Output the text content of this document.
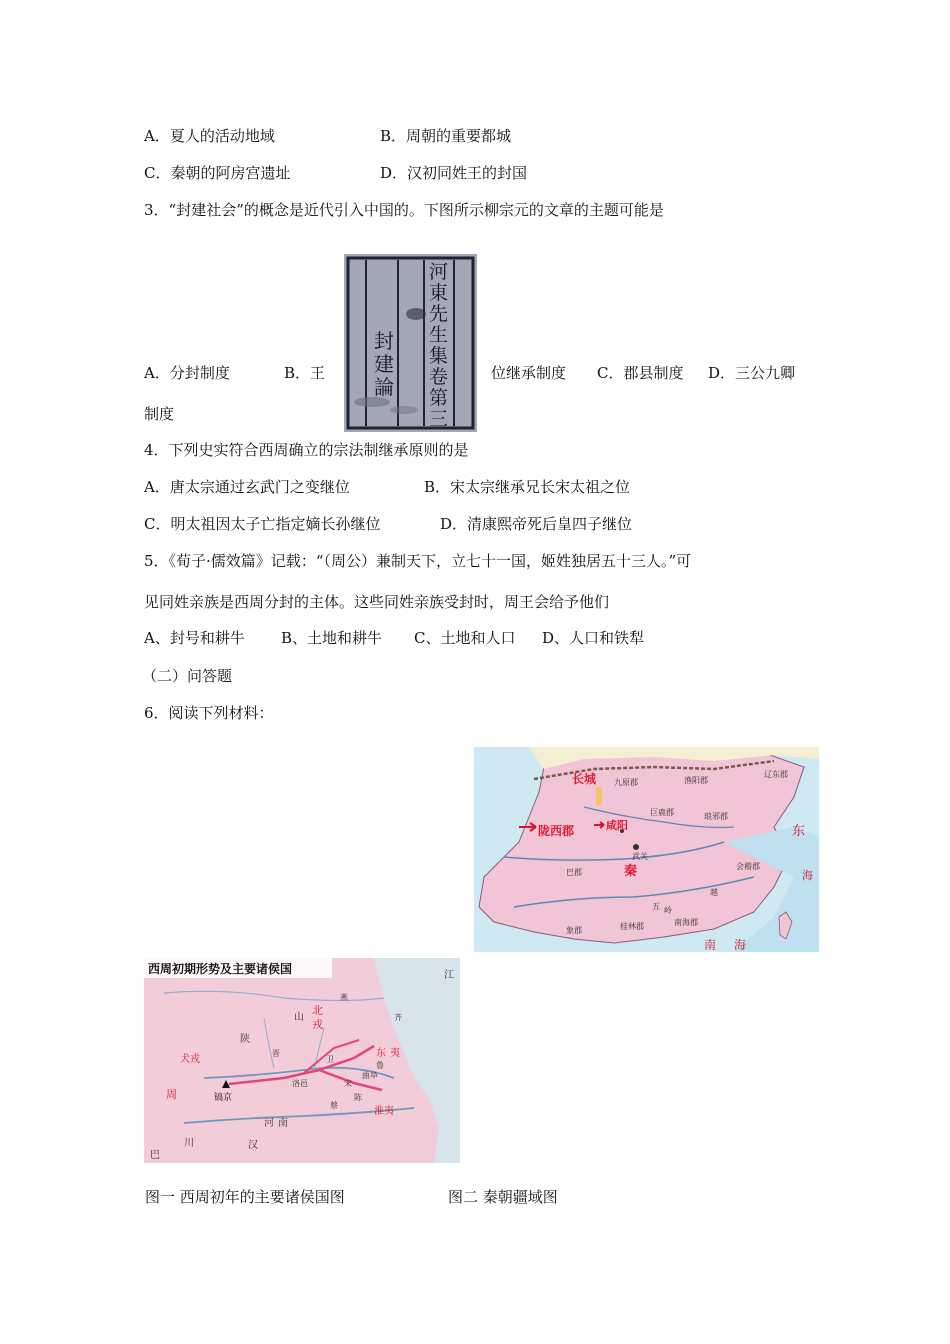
A．夏人的活动地域	B．周朝的重要都城
C．秦朝的阿房宫遗址	D．汉初同姓王的封国
3．“封建社会”的概念是近代引入中国的。下图所示柳宗元的文章的主题可能是
河東先生集卷第三
封建論
A．分封制度	B．王	位继承制度 C．郡县制度 D．三公九卿
制度
4．下列史实符合西周确立的宗法制继承原则的是
A．唐太宗通过玄武门之变继位	B．宋太宗继承兄长宋太祖之位
C．明太祖因太子亡指定嫡长孙继位	D．清康熙帝死后皇四子继位
5．《荀子·儒效篇》记载：“（周公）兼制天下，立七十一国，姬姓独居五十三人。”可
见同姓亲族是西周分封的主体。这些同姓亲族受封时，周王会给予他们
A、封号和耕牛 B、土地和耕牛 C、土地和人口 D、人口和铁犁
（二）问答题
6．阅读下列材料：
长城 九原郡	渔阳郡
辽东郡
陇西郡	咸阳
巨鹿郡	琅邪郡
武关
巴郡	秦	会稽郡
南海郡
桂林郡
象郡
东
海
南 海
五 岭
越
西周初期形势及主要诸侯国
镐京
洛邑
鲁
齐
燕
晋
宋
卫
蔡
陈
北
戎
犬戎
淮夷
东 夷
周
河 南
陕
山
曲阜
川
巴
汉
江
图一 西周初年的主要诸侯国图	图二 秦朝疆域图
